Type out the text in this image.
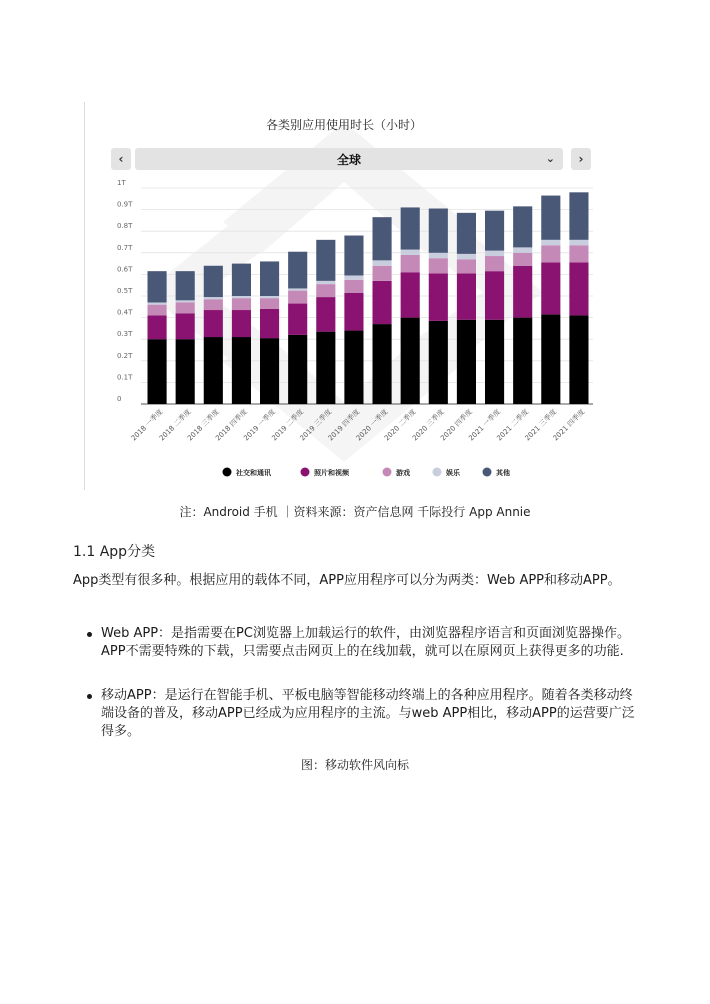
0
0.1T
0.2T
0.3T
0.4T
0.5T
0.6T
0.7T
0.8T
0.9T
1T
2018 一季度
2018 二季度
2018 三季度
2018 四季度
2019 一季度
2019 二季度
2019 三季度
2019 四季度
2020 一季度
2020 二季度
2020 三季度
2020 四季度
2021 一季度
2021 二季度
2021 三季度
2021 四季度
社交和通讯	照片和视频	游戏	娱乐	其他
各类别应用使用时长（小时）
‹	全球	⌄ ›
注：Android 手机 ｜资料来源：资产信息网 千际投行 App Annie
1.1 App分类
App类型有很多种。根据应用的载体不同，APP应用程序可以分为两类：Web APP和移动APP。
Web APP：是指需要在PC浏览器上加载运行的软件，由浏览器程序语言和页面浏览器操作。APP不需要特殊的下载，只需要点击网页上的在线加载，就可以在原网页上获得更多的功能.
移动APP：是运行在智能手机、平板电脑等智能移动终端上的各种应用程序。随着各类移动终端设备的普及，移动APP已经成为应用程序的主流。与web APP相比，移动APP的运营要广泛得多。
图：移动软件风向标
